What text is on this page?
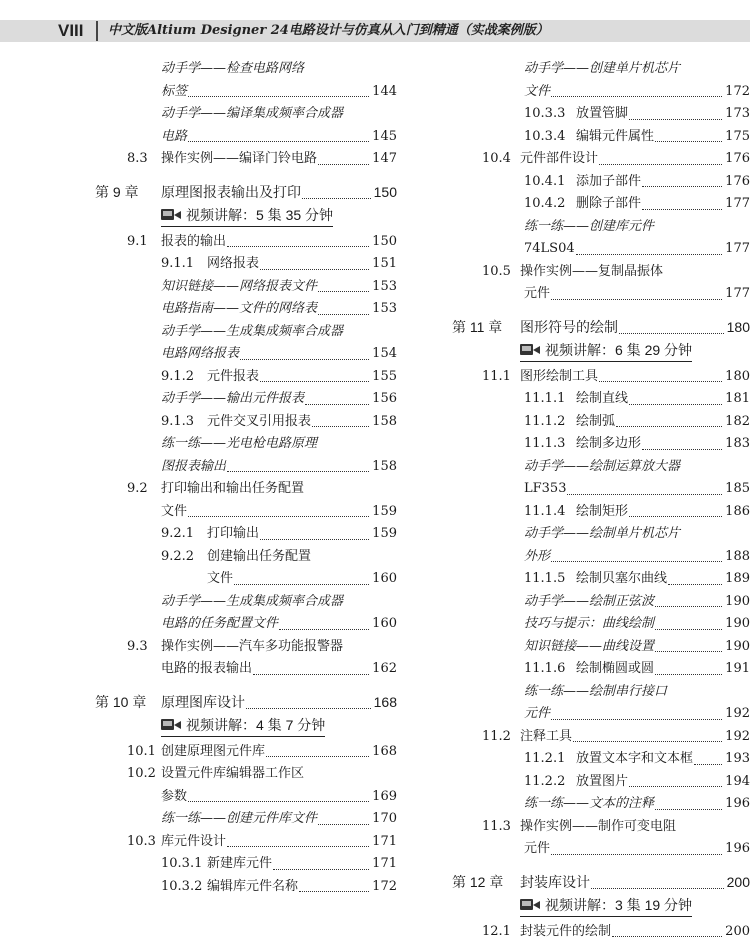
VIII 中文版Altium Designer 24电路设计与仿真从入门到精通（实战案例版）
动手学——检查电路网络
标签	144
动手学——编译集成频率合成器
电路	145
8.3 操作实例——编译门铃电路	147
第 9 章 原理图报表输出及打印	150
视频讲解：5 集 35 分钟
9.1 报表的输出	150
9.1.1 网络报表	151
知识链接——网络报表文件	153
电路指南——文件的网络表	153
动手学——生成集成频率合成器
电路网络报表	154
9.1.2 元件报表	155
动手学——输出元件报表	156
9.1.3 元件交叉引用报表	158
练一练——光电枪电路原理
图报表输出	158
9.2 打印输出和输出任务配置
文件	159
9.2.1 打印输出	159
9.2.2 创建输出任务配置
文件	160
动手学——生成集成频率合成器
电路的任务配置文件	160
9.3 操作实例——汽车多功能报警器
电路的报表输出	162
第 10 章 原理图库设计	168
视频讲解：4 集 7 分钟
10.1 创建原理图元件库	168
10.2 设置元件库编辑器工作区
参数	169
练一练——创建元件库文件	170
10.3 库元件设计	171
10.3.1 新建库元件	171
10.3.2 编辑库元件名称	172
动手学——创建单片机芯片
文件	172
10.3.3 放置管脚	173
10.3.4 编辑元件属性	175
10.4 元件部件设计	176
10.4.1 添加子部件	176
10.4.2 删除子部件	177
练一练——创建库元件
74LS04	177
10.5 操作实例——复制晶振体
元件	177
第 11 章 图形符号的绘制	180
视频讲解：6 集 29 分钟
11.1 图形绘制工具	180
11.1.1 绘制直线	181
11.1.2 绘制弧	182
11.1.3 绘制多边形	183
动手学——绘制运算放大器
LF353	185
11.1.4 绘制矩形	186
动手学——绘制单片机芯片
外形	188
11.1.5 绘制贝塞尔曲线	189
动手学——绘制正弦波	190
技巧与提示：曲线绘制	190
知识链接——曲线设置	190
11.1.6 绘制椭圆或圆	191
练一练——绘制串行接口
元件	192
11.2 注释工具	192
11.2.1 放置文本字和文本框 193
11.2.2 放置图片	194
练一练——文本的注释	196
11.3 操作实例——制作可变电阻
元件	196
第 12 章 封装库设计	200
视频讲解：3 集 19 分钟
12.1 封装元件的绘制	200
